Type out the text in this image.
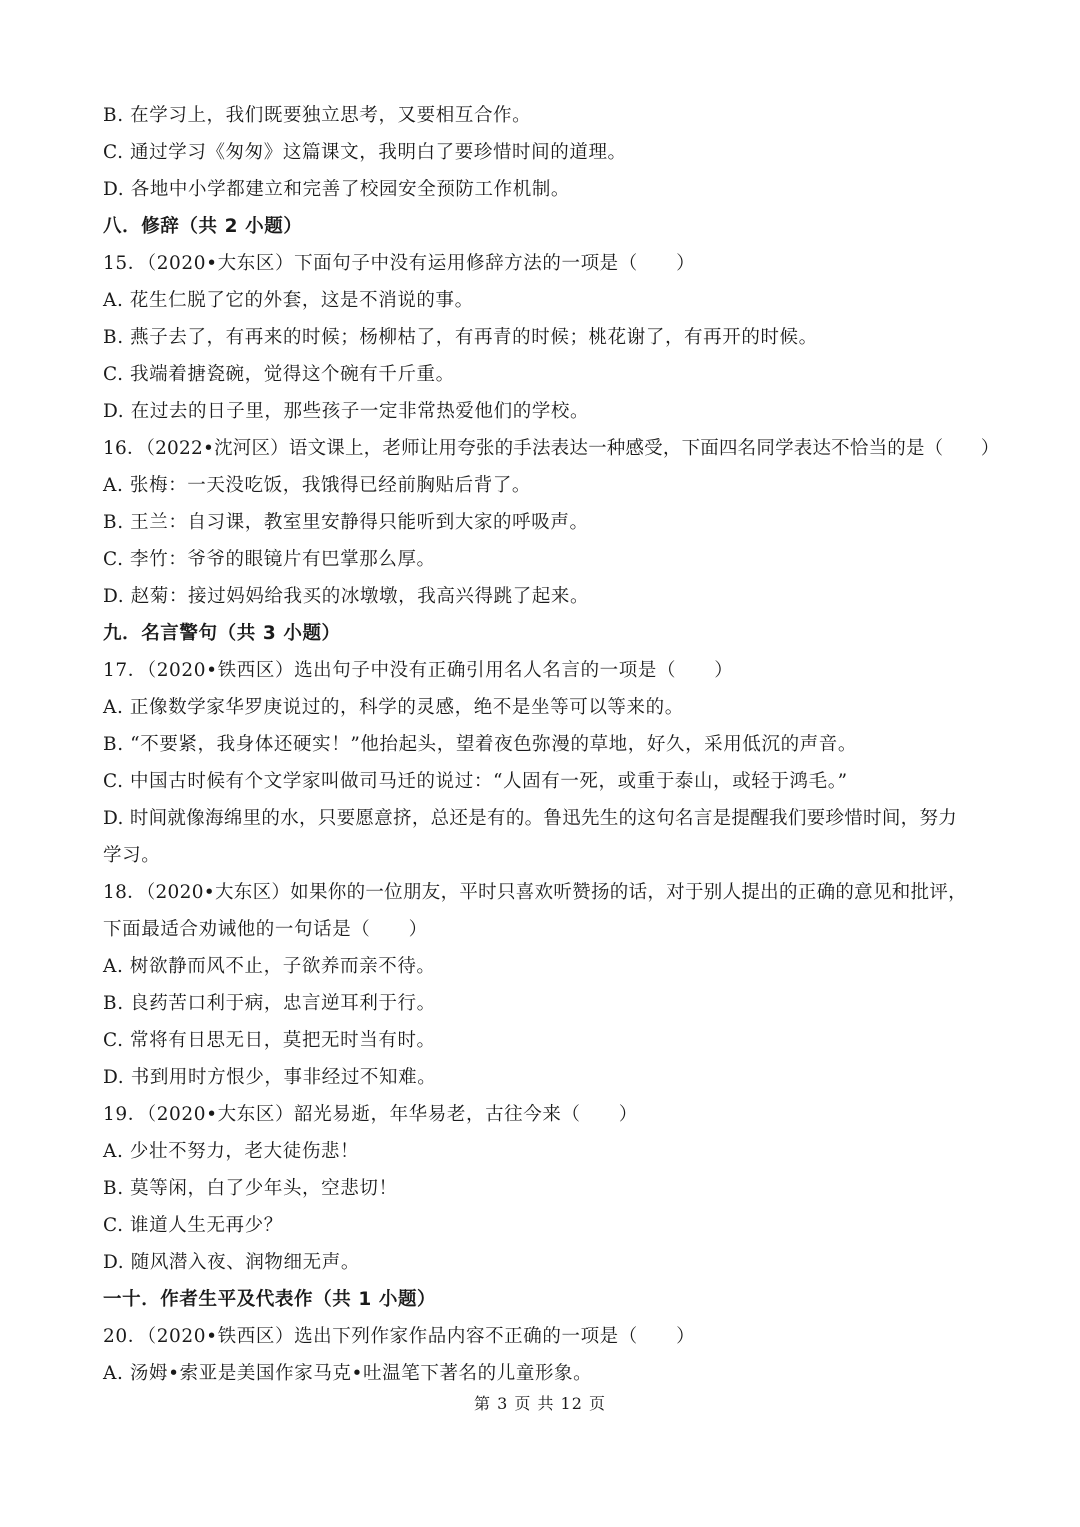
B. 在学习上，我们既要独立思考，又要相互合作。
C. 通过学习《匆匆》这篇课文，我明白了要珍惜时间的道理。
D. 各地中小学都建立和完善了校园安全预防工作机制。
八．修辞（共 2 小题）
15．（2020•大东区）下面句子中没有运用修辞方法的一项是（　　）
A. 花生仁脱了它的外套，这是不消说的事。
B. 燕子去了，有再来的时候；杨柳枯了，有再青的时候；桃花谢了，有再开的时候。
C. 我端着搪瓷碗，觉得这个碗有千斤重。
D. 在过去的日子里，那些孩子一定非常热爱他们的学校。
16．（2022•沈河区）语文课上，老师让用夸张的手法表达一种感受，下面四名同学表达不恰当的是（　　）
A. 张梅：一天没吃饭，我饿得已经前胸贴后背了。
B. 王兰：自习课，教室里安静得只能听到大家的呼吸声。
C. 李竹：爷爷的眼镜片有巴掌那么厚。
D. 赵菊：接过妈妈给我买的冰墩墩，我高兴得跳了起来。
九．名言警句（共 3 小题）
17．（2020•铁西区）选出句子中没有正确引用名人名言的一项是（　　）
A. 正像数学家华罗庚说过的，科学的灵感，绝不是坐等可以等来的。
B. “不要紧，我身体还硬实！”他抬起头，望着夜色弥漫的草地，好久，采用低沉的声音。
C. 中国古时候有个文学家叫做司马迁的说过：“人固有一死，或重于泰山，或轻于鸿毛。”
D. 时间就像海绵里的水，只要愿意挤，总还是有的。鲁迅先生的这句名言是提醒我们要珍惜时间，努力
学习。
18．（2020•大东区）如果你的一位朋友，平时只喜欢听赞扬的话，对于别人提出的正确的意见和批评，
下面最适合劝诫他的一句话是（　　）
A. 树欲静而风不止，子欲养而亲不待。
B. 良药苦口利于病，忠言逆耳利于行。
C. 常将有日思无日，莫把无时当有时。
D. 书到用时方恨少，事非经过不知难。
19．（2020•大东区）韶光易逝，年华易老，古往今来（　　）
A. 少壮不努力，老大徒伤悲！
B. 莫等闲，白了少年头，空悲切！
C. 谁道人生无再少？
D. 随风潜入夜、润物细无声。
一十．作者生平及代表作（共 1 小题）
20．（2020•铁西区）选出下列作家作品内容不正确的一项是（　　）
A. 汤姆•索亚是美国作家马克•吐温笔下著名的儿童形象。
第 3 页 共 12 页
